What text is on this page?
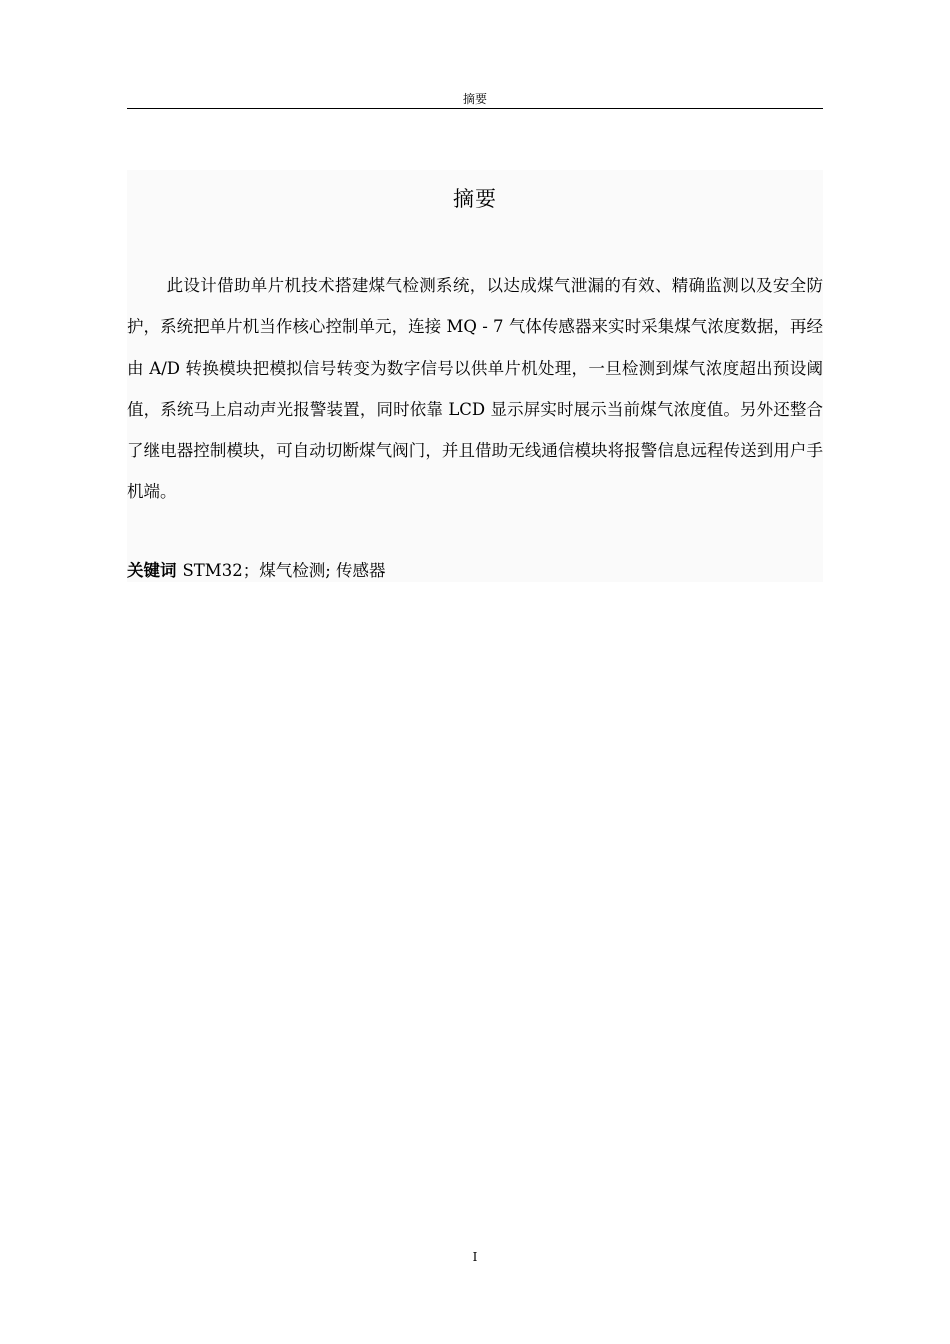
摘要
摘要

此设计借助单片机技术搭建煤气检测系统，以达成煤气泄漏的有效、精确监测以及安全防护，系统把单片机当作核心控制单元，连接 MQ - 7 气体传感器来实时采集煤气浓度数据，再经由 A/D 转换模块把模拟信号转变为数字信号以供单片机处理，一旦检测到煤气浓度超出预设阈值，系统马上启动声光报警装置，同时依靠 LCD 显示屏实时展示当前煤气浓度值。另外还整合了继电器控制模块，可自动切断煤气阀门，并且借助无线通信模块将报警信息远程传送到用户手机端。

关键词 STM32；煤气检测; 传感器
I
